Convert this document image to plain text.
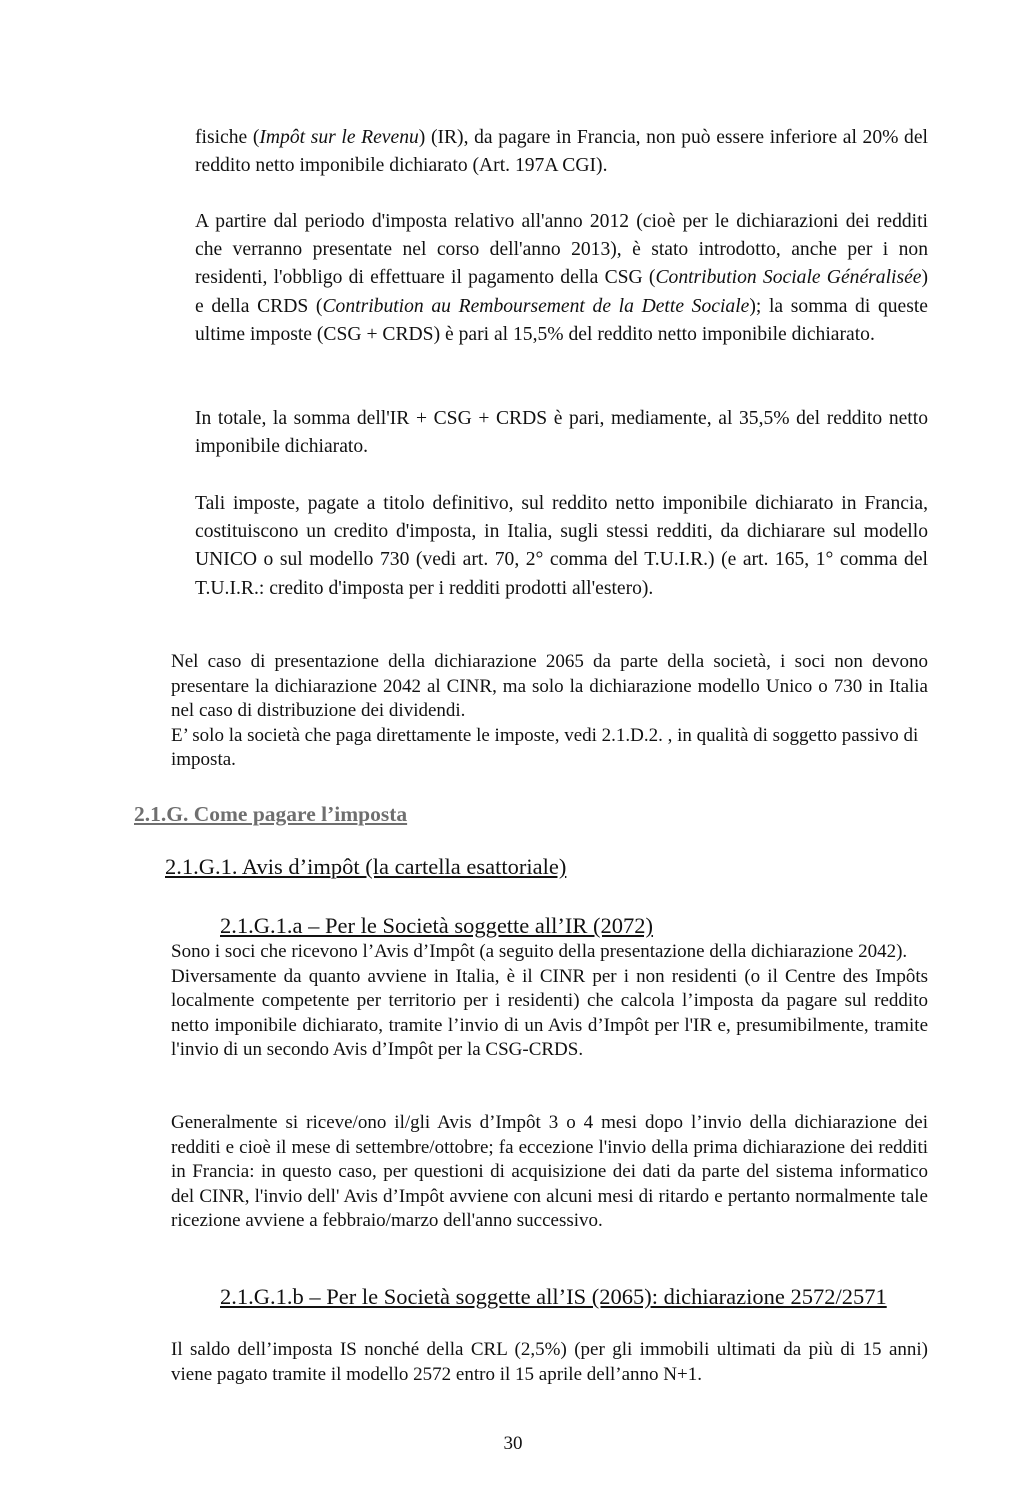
fisiche (Impôt sur le Revenu) (IR), da pagare in Francia, non può essere inferiore al 20% del reddito netto imponibile dichiarato (Art. 197A CGI).

A partire dal periodo d'imposta relativo all'anno 2012 (cioè per le dichiarazioni dei redditi che verranno presentate nel corso dell'anno 2013), è stato introdotto, anche per i non residenti, l'obbligo di effettuare il pagamento della CSG (Contribution Sociale Généralisée) e della CRDS (Contribution au Remboursement de la Dette Sociale); la somma di queste ultime imposte (CSG + CRDS) è pari al 15,5% del reddito netto imponibile dichiarato.

In totale, la somma dell'IR + CSG + CRDS è pari, mediamente, al 35,5% del reddito netto imponibile dichiarato.

Tali imposte, pagate a titolo definitivo, sul reddito netto imponibile dichiarato in Francia, costituiscono un credito d'imposta, in Italia, sugli stessi redditi, da dichiarare sul modello UNICO o sul modello 730 (vedi art. 70, 2° comma del T.U.I.R.) (e art. 165, 1° comma del T.U.I.R.: credito d'imposta per i redditi prodotti all'estero).

Nel caso di presentazione della dichiarazione 2065 da parte della società, i soci non devono presentare la dichiarazione 2042 al CINR, ma solo la dichiarazione modello Unico o 730 in Italia nel caso di distribuzione dei dividendi.

E’ solo la società che paga direttamente le imposte, vedi 2.1.D.2. , in qualità di soggetto passivo di imposta.

2.1.G. Come pagare l’imposta
2.1.G.1. Avis d’impôt (la cartella esattoriale)
2.1.G.1.a – Per le Società soggette all’IR (2072)

Sono i soci che ricevono l’Avis d’Impôt (a seguito della presentazione della dichiarazione 2042).

Diversamente da quanto avviene in Italia, è il CINR per i non residenti (o il Centre des Impôts localmente competente per territorio per i residenti) che calcola l’imposta da pagare sul reddito netto imponibile dichiarato, tramite l’invio di un Avis d’Impôt per l'IR e, presumibilmente, tramite l'invio di un secondo Avis d’Impôt per la CSG-CRDS.

Generalmente si riceve/ono il/gli Avis d’Impôt 3 o 4 mesi dopo l’invio della dichiarazione dei redditi e cioè il mese di settembre/ottobre; fa eccezione l'invio della prima dichiarazione dei redditi in Francia: in questo caso, per questioni di acquisizione dei dati da parte del sistema informatico del CINR, l'invio dell' Avis d’Impôt avviene con alcuni mesi di ritardo e pertanto normalmente tale ricezione avviene a febbraio/marzo dell'anno successivo.

2.1.G.1.b – Per le Società soggette all’IS (2065): dichiarazione 2572/2571

Il saldo dell’imposta IS nonché della CRL (2,5%) (per gli immobili ultimati da più di 15 anni) viene pagato tramite il modello 2572 entro il 15 aprile dell’anno N+1.

30
